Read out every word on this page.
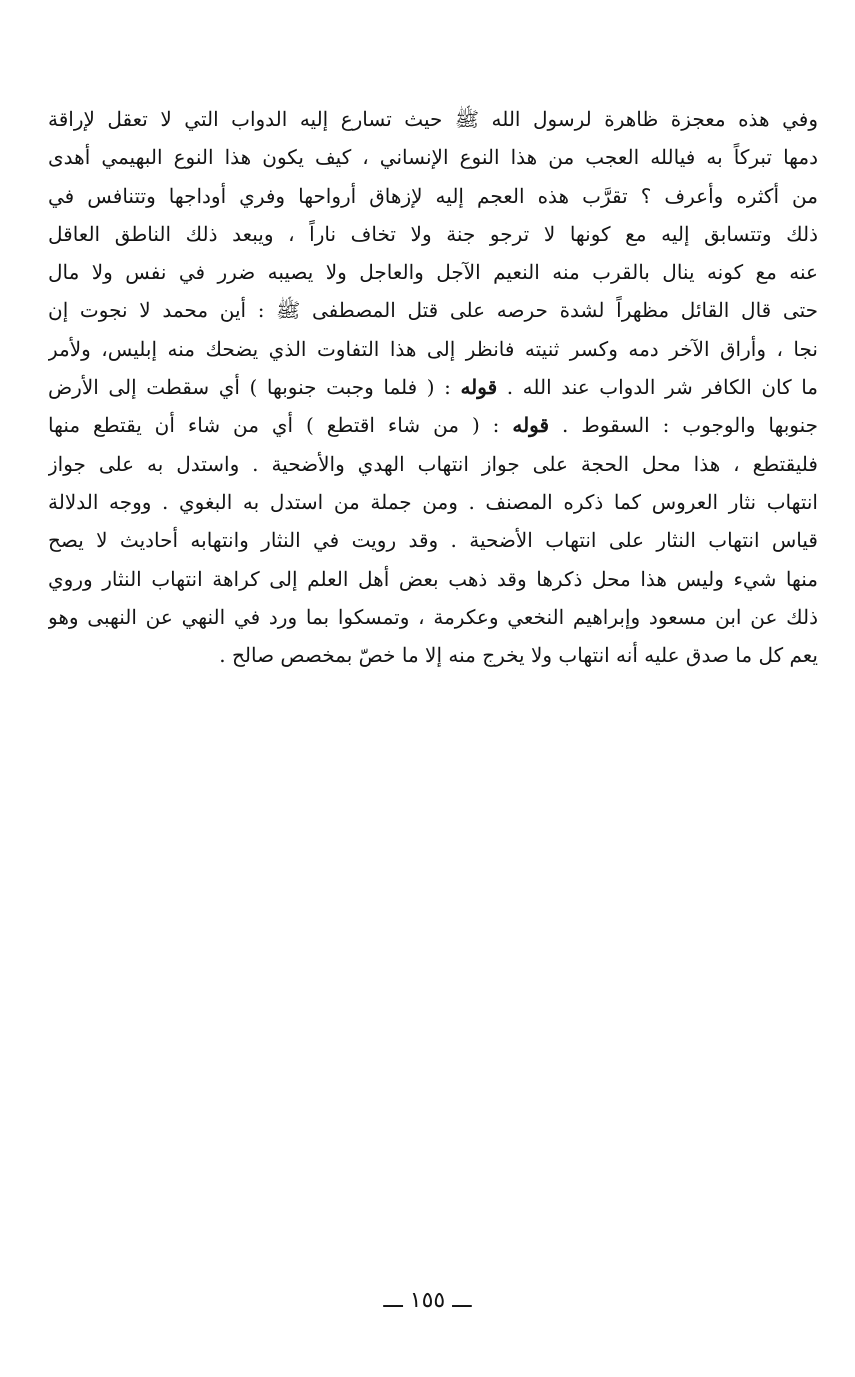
وفي هذه معجزة ظاهرة لرسول الله ﷺ حيث تسارع إليه الدواب التي لا تعقل لإراقة
دمها تبركاً به فيالله العجب من هذا النوع الإنساني ، كيف يكون هذا النوع البهيمي أهدى
من أكثره وأعرف ؟ تقرَّب هذه العجم إليه لإزهاق أرواحها وفري أوداجها وتتنافس في
ذلك وتتسابق إليه مع كونها لا ترجو جنة ولا تخاف ناراً ، ويبعد ذلك الناطق العاقل
عنه مع كونه ينال بالقرب منه النعيم الآجل والعاجل ولا يصيبه ضرر في نفس ولا مال
حتى قال القائل مظهراً لشدة حرصه على قتل المصطفى ﷺ : أين محمد لا نجوت إن
نجا ، وأراق الآخر دمه وكسر ثنيته فانظر إلى هذا التفاوت الذي يضحك منه إبليس، ولأمر
ما كان الكافر شر الدواب عند الله . قوله : ( فلما وجبت جنوبها ) أي سقطت إلى الأرض
جنوبها والوجوب : السقوط . قوله : ( من شاء اقتطع ) أي من شاء أن يقتطع منها
فليقتطع ، هذا محل الحجة على جواز انتهاب الهدي والأضحية . واستدل به على جواز
انتهاب نثار العروس كما ذكره المصنف . ومن جملة من استدل به البغوي . ووجه الدلالة
قياس انتهاب النثار على انتهاب الأضحية . وقد رويت في النثار وانتهابه أحاديث لا يصح
منها شيء وليس هذا محل ذكرها وقد ذهب بعض أهل العلم إلى كراهة انتهاب النثار وروي
ذلك عن ابن مسعود وإبراهيم النخعي وعكرمة ، وتمسكوا بما ورد في النهي عن النهبى وهو
يعم كل ما صدق عليه أنه انتهاب ولا يخرج منه إلا ما خصّ بمخصص صالح .
ـــ ١٥٥ ـــ
